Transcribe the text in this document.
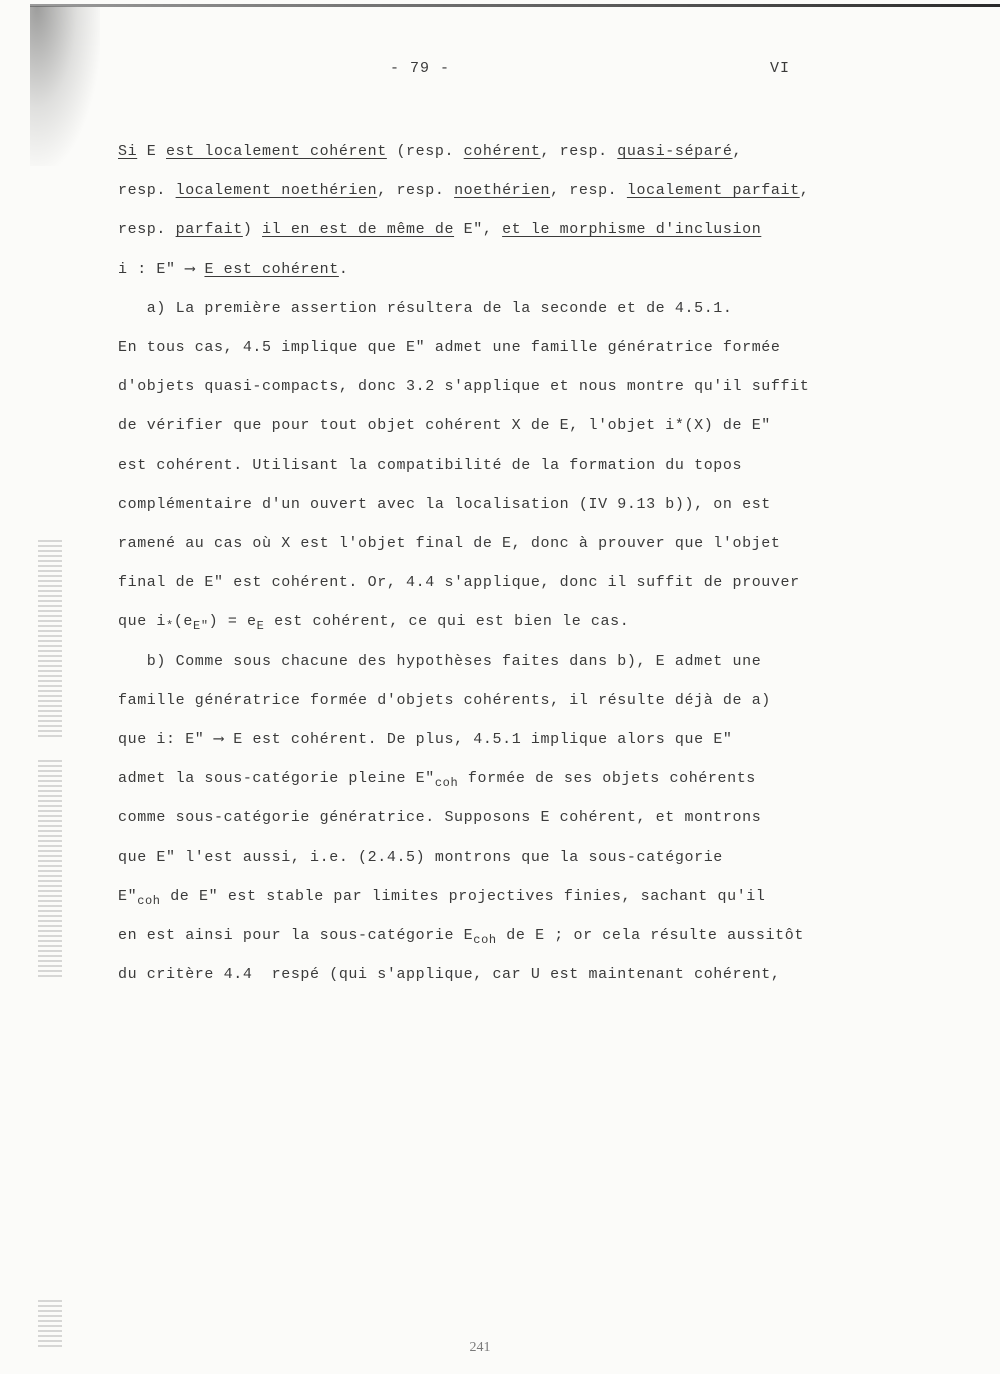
- 79 -	VI
Si E est localement cohérent (resp. cohérent, resp. quasi-séparé,
resp. localement noethérien, resp. noethérien, resp. localement parfait,
resp. parfait) il en est de même de E", et le morphisme d'inclusion
i : E" ⟶ E est cohérent.
a) La première assertion résultera de la seconde et de 4.5.1.
En tous cas, 4.5 implique que E" admet une famille génératrice formée
d'objets quasi-compacts, donc 3.2 s'applique et nous montre qu'il suffit
de vérifier que pour tout objet cohérent X de E, l'objet i*(X) de E"
est cohérent. Utilisant la compatibilité de la formation du topos
complémentaire d'un ouvert avec la localisation (IV 9.13 b)), on est
ramené au cas où X est l'objet final de E, donc à prouver que l'objet
final de E" est cohérent. Or, 4.4 s'applique, donc il suffit de prouver
que $i_*(e_{E"}) = e_E$ est cohérent, ce qui est bien le cas.
b) Comme sous chacune des hypothèses faites dans b), E admet une
famille génératrice formée d'objets cohérents, il résulte déjà de a)
que i: E" ⟶ E est cohérent. De plus, 4.5.1 implique alors que E"
admet la sous-catégorie pleine $E"_{coh}$ formée de ses objets cohérents
comme sous-catégorie génératrice. Supposons E cohérent, et montrons
que E" l'est aussi, i.e. (2.4.5) montrons que la sous-catégorie
$E"_{coh}$ de E" est stable par limites projectives finies, sachant qu'il
en est ainsi pour la sous-catégorie $E_{coh}$ de E ; or cela résulte aussitôt
du critère 4.4  respé (qui s'applique, car U est maintenant cohérent,
241
